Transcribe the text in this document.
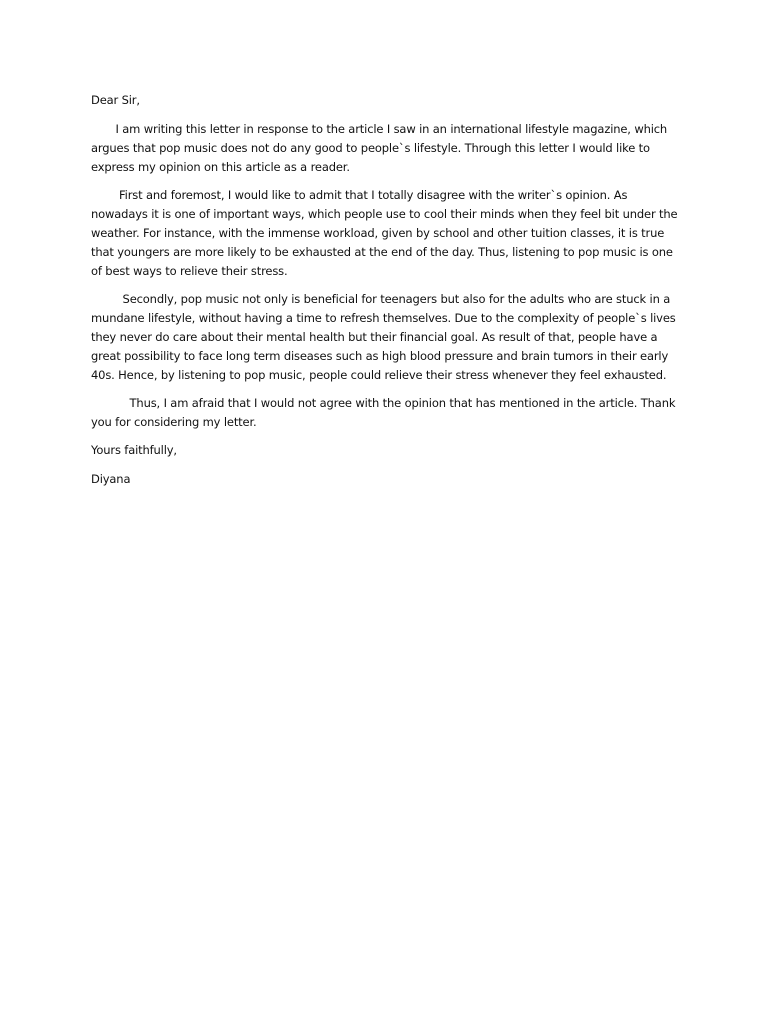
Dear Sir,
I am writing this letter in response to the article I saw in an international lifestyle magazine, which
argues that pop music does not do any good to people`s lifestyle. Through this letter I would like to
express my opinion on this article as a reader.
First and foremost, I would like to admit that I totally disagree with the writer`s opinion. As
nowadays it is one of important ways, which people use to cool their minds when they feel bit under the
weather. For instance, with the immense workload, given by school and other tuition classes, it is true
that youngers are more likely to be exhausted at the end of the day. Thus, listening to pop music is one
of best ways to relieve their stress.
Secondly, pop music not only is beneficial for teenagers but also for the adults who are stuck in a
mundane lifestyle, without having a time to refresh themselves. Due to the complexity of people`s lives
they never do care about their mental health but their financial goal. As result of that, people have a
great possibility to face long term diseases such as high blood pressure and brain tumors in their early
40s. Hence, by listening to pop music, people could relieve their stress whenever they feel exhausted.
Thus, I am afraid that I would not agree with the opinion that has mentioned in the article. Thank
you for considering my letter.
Yours faithfully,
Diyana
